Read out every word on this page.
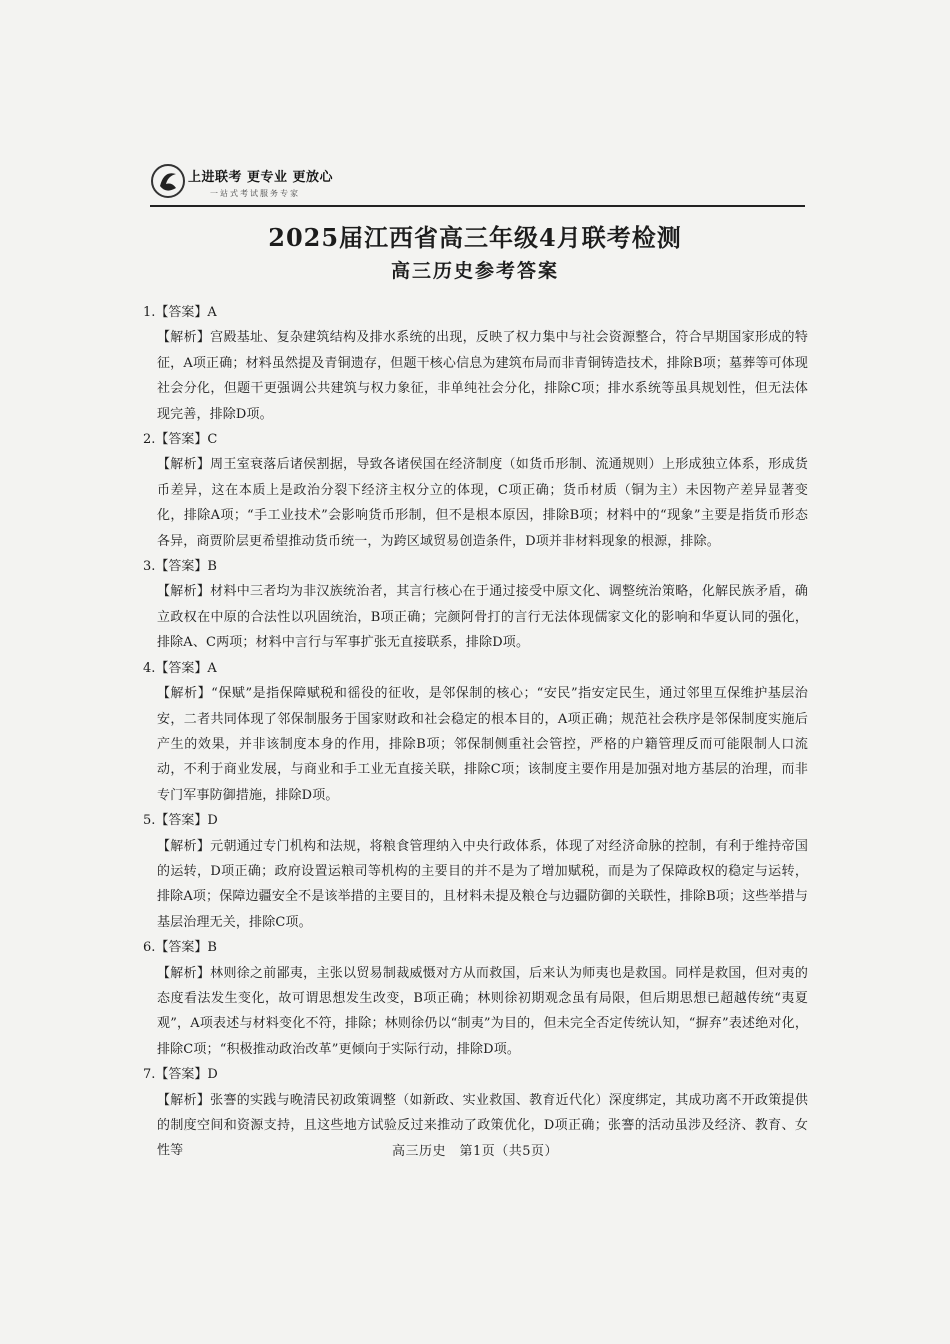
上进联考 更专业 更放心
一站式考试服务专家
2025届江西省高三年级4月联考检测
高三历史参考答案

1.【答案】A

【解析】宫殿基址、复杂建筑结构及排水系统的出现，反映了权力集中与社会资源整合，符合早期国家形成的特征，A项正确；材料虽然提及青铜遗存，但题干核心信息为建筑布局而非青铜铸造技术，排除B项；墓葬等可体现社会分化，但题干更强调公共建筑与权力象征，非单纯社会分化，排除C项；排水系统等虽具规划性，但无法体现完善，排除D项。

2.【答案】C

【解析】周王室衰落后诸侯割据，导致各诸侯国在经济制度（如货币形制、流通规则）上形成独立体系，形成货币差异，这在本质上是政治分裂下经济主权分立的体现，C项正确；货币材质（铜为主）未因物产差异显著变化，排除A项；“手工业技术”会影响货币形制，但不是根本原因，排除B项；材料中的“现象”主要是指货币形态各异，商贾阶层更希望推动货币统一，为跨区域贸易创造条件，D项并非材料现象的根源，排除。

3.【答案】B

【解析】材料中三者均为非汉族统治者，其言行核心在于通过接受中原文化、调整统治策略，化解民族矛盾，确立政权在中原的合法性以巩固统治，B项正确；完颜阿骨打的言行无法体现儒家文化的影响和华夏认同的强化，排除A、C两项；材料中言行与军事扩张无直接联系，排除D项。

4.【答案】A

【解析】“保赋”是指保障赋税和徭役的征收，是邻保制的核心；“安民”指安定民生，通过邻里互保维护基层治安，二者共同体现了邻保制服务于国家财政和社会稳定的根本目的，A项正确；规范社会秩序是邻保制度实施后产生的效果，并非该制度本身的作用，排除B项；邻保制侧重社会管控，严格的户籍管理反而可能限制人口流动，不利于商业发展，与商业和手工业无直接关联，排除C项；该制度主要作用是加强对地方基层的治理，而非专门军事防御措施，排除D项。

5.【答案】D

【解析】元朝通过专门机构和法规，将粮食管理纳入中央行政体系，体现了对经济命脉的控制，有利于维持帝国的运转，D项正确；政府设置运粮司等机构的主要目的并不是为了增加赋税，而是为了保障政权的稳定与运转，排除A项；保障边疆安全不是该举措的主要目的，且材料未提及粮仓与边疆防御的关联性，排除B项；这些举措与基层治理无关，排除C项。

6.【答案】B

【解析】林则徐之前鄙夷，主张以贸易制裁威慑对方从而救国，后来认为师夷也是救国。同样是救国，但对夷的态度看法发生变化，故可谓思想发生改变，B项正确；林则徐初期观念虽有局限，但后期思想已超越传统“夷夏观”，A项表述与材料变化不符，排除；林则徐仍以“制夷”为目的，但未完全否定传统认知，“摒弃”表述绝对化，排除C项；“积极推动政治改革”更倾向于实际行动，排除D项。

7.【答案】D

【解析】张謇的实践与晚清民初政策调整（如新政、实业救国、教育近代化）深度绑定，其成功离不开政策提供的制度空间和资源支持，且这些地方试验反过来推动了政策优化，D项正确；张謇的活动虽涉及经济、教育、女性等	高三历史　第1页（共5页）
